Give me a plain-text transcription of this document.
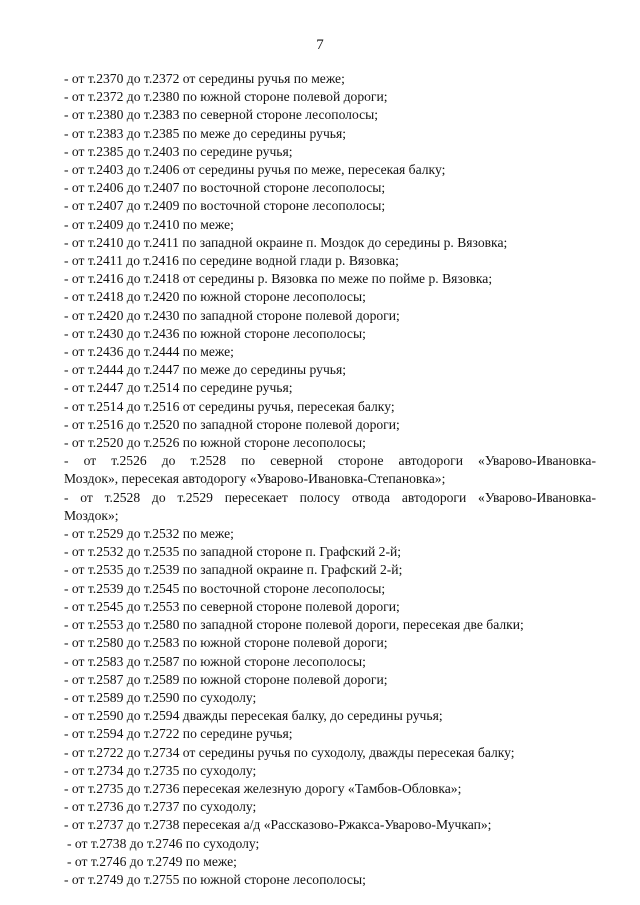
7
- от т.2370 до т.2372 от середины ручья по меже;
- от т.2372 до т.2380 по южной стороне полевой дороги;
- от т.2380 до т.2383 по северной стороне лесополосы;
- от т.2383 до т.2385 по меже до середины ручья;
- от т.2385 до т.2403 по середине ручья;
- от т.2403 до т.2406 от середины ручья по меже, пересекая балку;
- от т.2406 до т.2407 по восточной стороне лесополосы;
- от т.2407 до т.2409 по восточной стороне лесополосы;
- от т.2409 до т.2410 по меже;
- от т.2410 до т.2411 по западной окраине п. Моздок до середины р. Вязовка;
- от т.2411 до т.2416 по середине водной глади р. Вязовка;
- от т.2416 до т.2418 от середины р. Вязовка по меже по пойме р. Вязовка;
- от т.2418 до т.2420 по южной стороне лесополосы;
- от т.2420 до т.2430 по западной стороне полевой дороги;
- от т.2430 до т.2436 по южной стороне лесополосы;
- от т.2436 до т.2444 по меже;
- от т.2444 до т.2447 по меже до середины ручья;
- от т.2447 до т.2514 по середине ручья;
- от т.2514 до т.2516 от середины ручья, пересекая балку;
- от т.2516 до т.2520 по западной стороне полевой дороги;
- от т.2520 до т.2526 по южной стороне лесополосы;
- от т.2526 до т.2528 по северной стороне автодороги «Уварово-Ивановка-
Моздок», пересекая автодорогу «Уварово-Ивановка-Степановка»;
- от т.2528 до т.2529 пересекает полосу отвода автодороги «Уварово-Ивановка-
Моздок»;
- от т.2529 до т.2532 по меже;
- от т.2532 до т.2535 по западной стороне п. Графский 2-й;
- от т.2535 до т.2539 по западной окраине п. Графский 2-й;
- от т.2539 до т.2545 по восточной стороне лесополосы;
- от т.2545 до т.2553 по северной стороне полевой дороги;
- от т.2553 до т.2580 по западной стороне полевой дороги, пересекая две балки;
- от т.2580 до т.2583 по южной стороне полевой дороги;
- от т.2583 до т.2587 по южной стороне лесополосы;
- от т.2587 до т.2589 по южной стороне полевой дороги;
- от т.2589 до т.2590 по суходолу;
- от т.2590 до т.2594 дважды пересекая балку, до середины ручья;
- от т.2594 до т.2722 по середине ручья;
- от т.2722 до т.2734 от середины ручья по суходолу, дважды пересекая балку;
- от т.2734 до т.2735 по суходолу;
- от т.2735 до т.2736 пересекая железную дорогу «Тамбов-Обловка»;
- от т.2736 до т.2737 по суходолу;
- от т.2737 до т.2738 пересекая а/д «Рассказово-Ржакса-Уварово-Мучкап»;
- от т.2738 до т.2746 по суходолу;
- от т.2746 до т.2749 по меже;
- от т.2749 до т.2755 по южной стороне лесополосы;
